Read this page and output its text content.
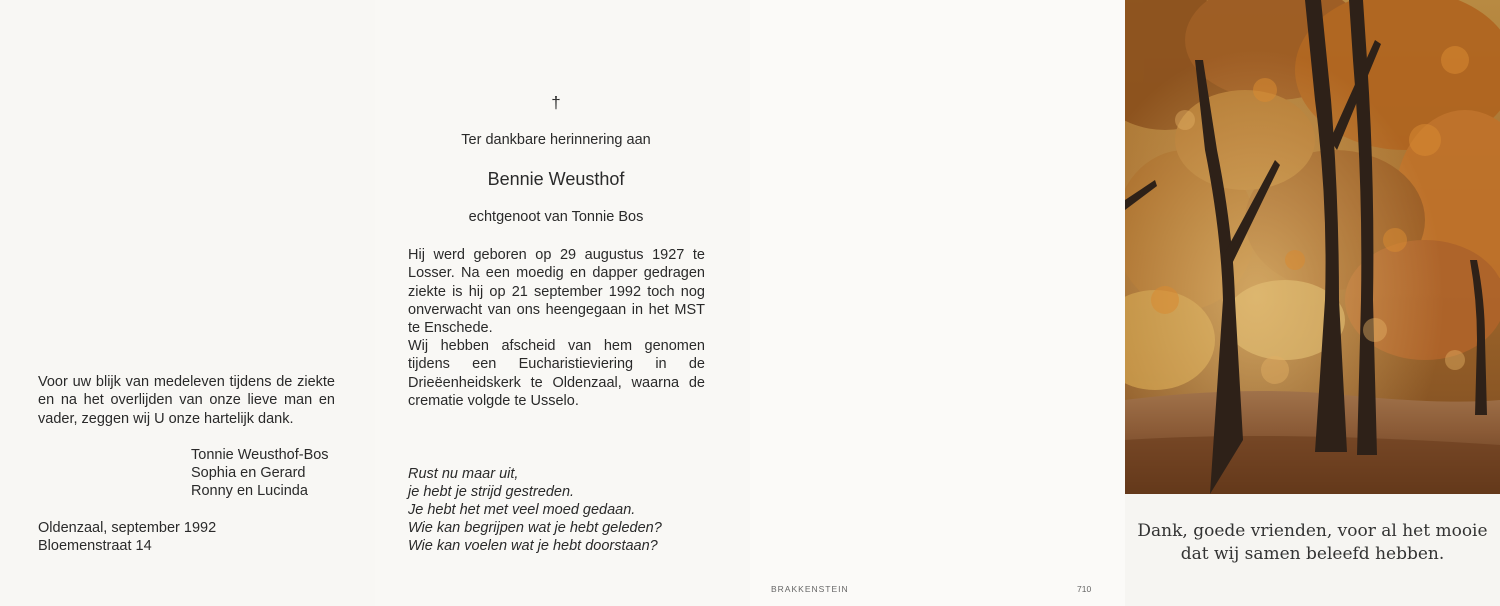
Voor uw blijk van medeleven tijdens de ziekte en na het overlijden van onze lieve man en vader, zeggen wij U onze hartelijk dank.
Tonnie Weusthof-Bos
Sophia en Gerard
Ronny en Lucinda
Oldenzaal, september 1992
Bloemenstraat 14
†
Ter dankbare herinnering aan
Bennie Weusthof
echtgenoot van Tonnie Bos
Hij werd geboren op 29 augustus 1927 te Losser. Na een moedig en dapper gedragen ziekte is hij op 21 september 1992 toch nog onverwacht van ons heengegaan in het MST te Enschede.
Wij hebben afscheid van hem genomen tijdens een Eucharistieviering in de Drieëenheidskerk te Oldenzaal, waarna de crematie volgde te Usselo.
Rust nu maar uit,
je hebt je strijd gestreden.
Je hebt het met veel moed gedaan.
Wie kan begrijpen wat je hebt geleden?
Wie kan voelen wat je hebt doorstaan?
BRAKKENSTEIN	710
Dank, goede vrienden, voor al het mooie
dat wij samen beleefd hebben.
